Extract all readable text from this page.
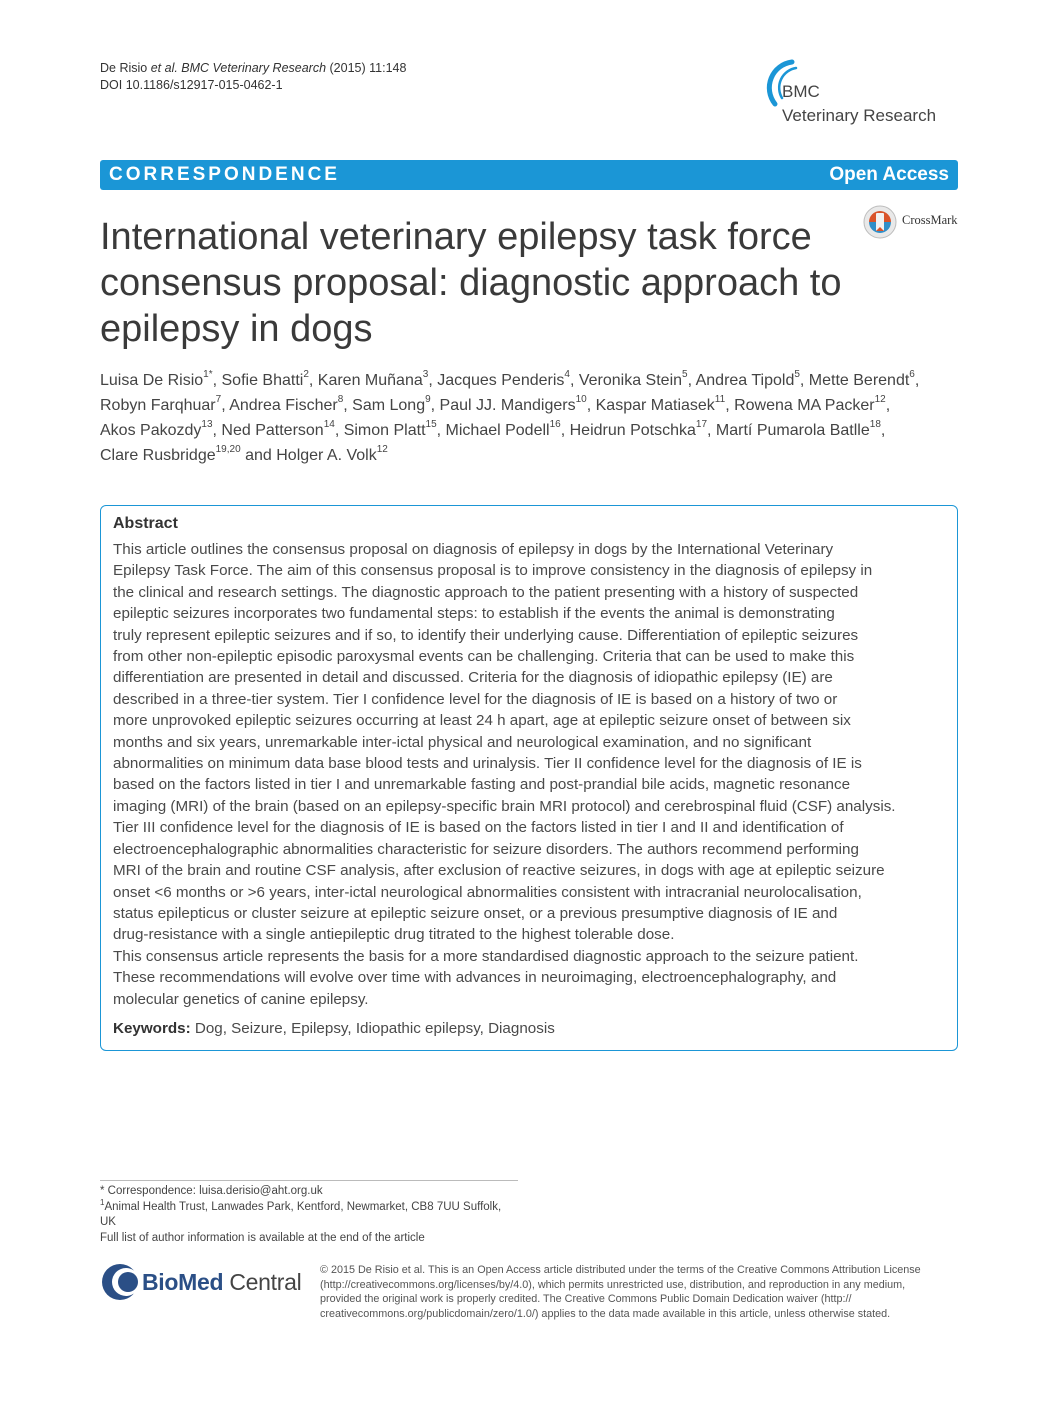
De Risio et al. BMC Veterinary Research (2015) 11:148
DOI 10.1186/s12917-015-0462-1	BMC
Veterinary Research
CORRESPONDENCE	Open Access
CrossMark
International veterinary epilepsy task force
consensus proposal: diagnostic approach to
epilepsy in dogs
Luisa De Risio$^{1*}$, Sofie Bhatti$^2$, Karen Muñana$^3$, Jacques Penderis$^4$, Veronika Stein$^5$, Andrea Tipold$^5$, Mette Berendt$^6$,
Robyn Farqhuar$^7$, Andrea Fischer$^8$, Sam Long$^9$, Paul JJ. Mandigers$^{10}$, Kaspar Matiasek$^{11}$, Rowena MA Packer$^{12}$,
Akos Pakozdy$^{13}$, Ned Patterson$^{14}$, Simon Platt$^{15}$, Michael Podell$^{16}$, Heidrun Potschka$^{17}$, Martí Pumarola Batlle$^{18}$,
Clare Rusbridge$^{19,20}$ and Holger A. Volk$^{12}$
Abstract
This article outlines the consensus proposal on diagnosis of epilepsy in dogs by the International Veterinary
Epilepsy Task Force. The aim of this consensus proposal is to improve consistency in the diagnosis of epilepsy in
the clinical and research settings. The diagnostic approach to the patient presenting with a history of suspected
epileptic seizures incorporates two fundamental steps: to establish if the events the animal is demonstrating
truly represent epileptic seizures and if so, to identify their underlying cause. Differentiation of epileptic seizures
from other non-epileptic episodic paroxysmal events can be challenging. Criteria that can be used to make this
differentiation are presented in detail and discussed. Criteria for the diagnosis of idiopathic epilepsy (IE) are
described in a three-tier system. Tier I confidence level for the diagnosis of IE is based on a history of two or
more unprovoked epileptic seizures occurring at least 24 h apart, age at epileptic seizure onset of between six
months and six years, unremarkable inter-ictal physical and neurological examination, and no significant
abnormalities on minimum data base blood tests and urinalysis. Tier II confidence level for the diagnosis of IE is
based on the factors listed in tier I and unremarkable fasting and post-prandial bile acids, magnetic resonance
imaging (MRI) of the brain (based on an epilepsy-specific brain MRI protocol) and cerebrospinal fluid (CSF) analysis.
Tier III confidence level for the diagnosis of IE is based on the factors listed in tier I and II and identification of
electroencephalographic abnormalities characteristic for seizure disorders. The authors recommend performing
MRI of the brain and routine CSF analysis, after exclusion of reactive seizures, in dogs with age at epileptic seizure
onset <6 months or >6 years, inter-ictal neurological abnormalities consistent with intracranial neurolocalisation,
status epilepticus or cluster seizure at epileptic seizure onset, or a previous presumptive diagnosis of IE and
drug-resistance with a single antiepileptic drug titrated to the highest tolerable dose.
This consensus article represents the basis for a more standardised diagnostic approach to the seizure patient.
These recommendations will evolve over time with advances in neuroimaging, electroencephalography, and
molecular genetics of canine epilepsy.
Keywords: Dog, Seizure, Epilepsy, Idiopathic epilepsy, Diagnosis
* Correspondence: luisa.derisio@aht.org.uk
$^1$Animal Health Trust, Lanwades Park, Kentford, Newmarket, CB8 7UU Suffolk,
UK
Full list of author information is available at the end of the article
BioMed Central © 2015 De Risio et al. This is an Open Access article distributed under the terms of the Creative Commons Attribution License
(http://creativecommons.org/licenses/by/4.0), which permits unrestricted use, distribution, and reproduction in any medium,
provided the original work is properly credited. The Creative Commons Public Domain Dedication waiver (http://
creativecommons.org/publicdomain/zero/1.0/) applies to the data made available in this article, unless otherwise stated.
